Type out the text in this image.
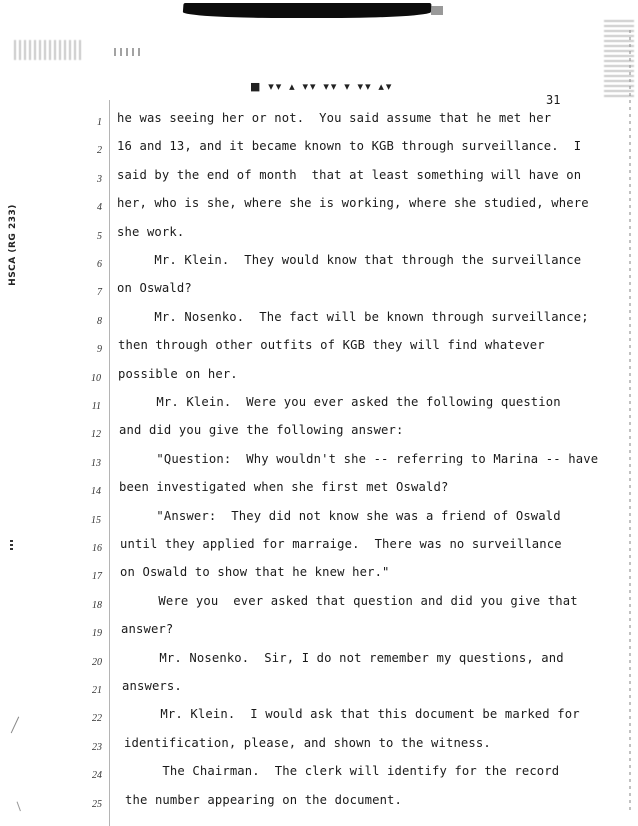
HSCA (RG 233)
■ ▾▾ ▴ ▾▾ ▾▾ ▾ ▾▾ ▴▾
31
1 he was seeing her or not.  You said assume that he met her
2 16 and 13, and it became known to KGB through surveillance.  I
3 said by the end of month  that at least something will have on
4 her, who is she, where she is working, where she studied, where
5 she work.
6 Mr. Klein.  They would know that through the surveillance
7 on Oswald?
8 Mr. Nosenko.  The fact will be known through surveillance;
9 then through other outfits of KGB they will find whatever
10 possible on her.
11 Mr. Klein.  Were you ever asked the following question
12 and did you give the following answer:
13 "Question:  Why wouldn't she -- referring to Marina -- have
14 been investigated when she first met Oswald?
15 "Answer:  They did not know she was a friend of Oswald
16 until they applied for marraige.  There was no surveillance
17 on Oswald to show that he knew her."
18 Were you  ever asked that question and did you give that
19 answer?
20 Mr. Nosenko.  Sir, I do not remember my questions, and
21 answers.
22 Mr. Klein.  I would ask that this document be marked for
23 identification, please, and shown to the witness.
24 The Chairman.  The clerk will identify for the record
25 the number appearing on the document.
